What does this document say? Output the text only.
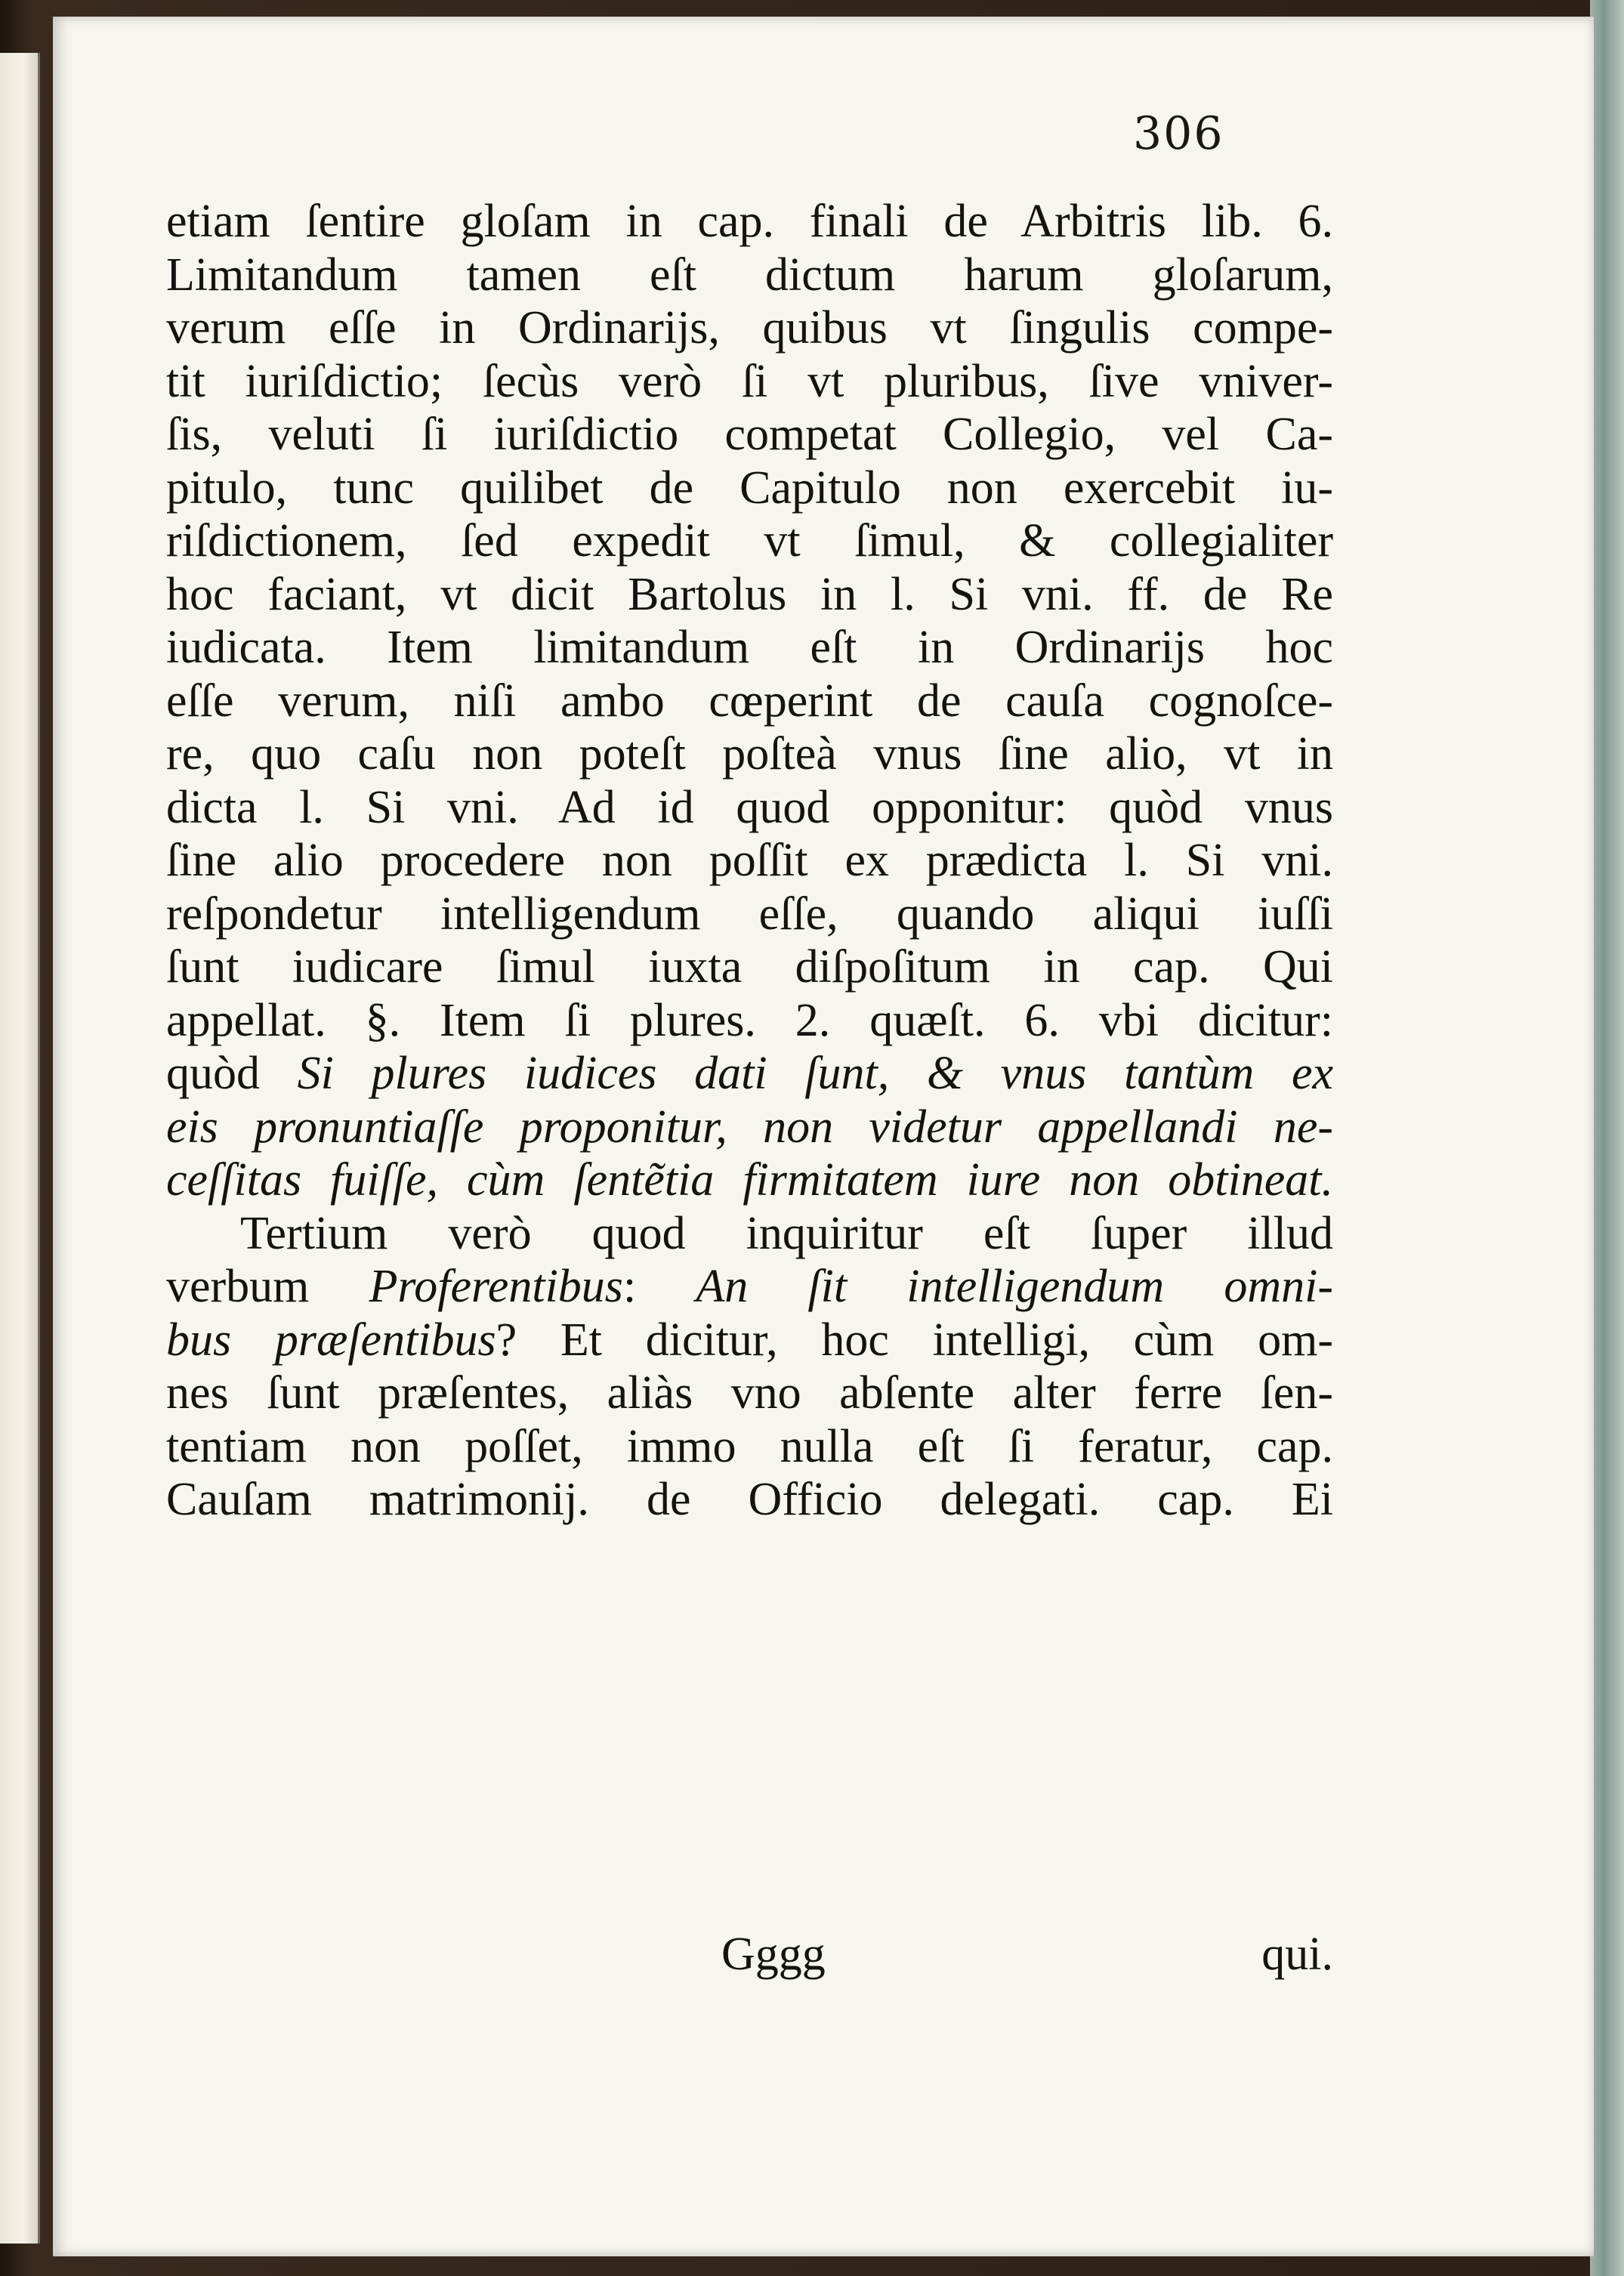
306
etiam ſentire gloſam in cap. finali de Arbitris lib. 6.
Limitandum tamen eſt dictum harum gloſarum,
verum eſſe in Ordinarijs, quibus vt ſingulis compe-
tit iuriſdictio; ſecùs verò ſi vt pluribus, ſive vniver-
ſis, veluti ſi iuriſdictio competat Collegio, vel Ca-
pitulo, tunc quilibet de Capitulo non exercebit iu-
riſdictionem, ſed expedit vt ſimul, & collegialiter
hoc faciant, vt dicit Bartolus in l. Si vni. ff. de Re
iudicata. Item limitandum eſt in Ordinarijs hoc
eſſe verum, niſi ambo cœperint de cauſa cognoſce-
re, quo caſu non poteſt poſteà vnus ſine alio, vt in
dicta l. Si vni. Ad id quod opponitur: quòd vnus
ſine alio procedere non poſſit ex prædicta l. Si vni.
reſpondetur intelligendum eſſe, quando aliqui iuſſi
ſunt iudicare ſimul iuxta diſpoſitum in cap. Qui
appellat. §. Item ſi plures. 2. quæſt. 6. vbi dicitur:
quòd Si plures iudices dati ſunt, & vnus tantùm ex
eis pronuntiaſſe proponitur, non videtur appellandi ne-
ceſſitas fuiſſe, cùm ſentẽtia firmitatem iure non obtineat.
Tertium verò quod inquiritur eſt ſuper illud
verbum Proferentibus: An ſit intelligendum omni-
bus præſentibus? Et dicitur, hoc intelligi, cùm om-
nes ſunt præſentes, aliàs vno abſente alter ferre ſen-
tentiam non poſſet, immo nulla eſt ſi feratur, cap.
Cauſam matrimonij. de Officio delegati. cap. Ei
Gggg	qui.
